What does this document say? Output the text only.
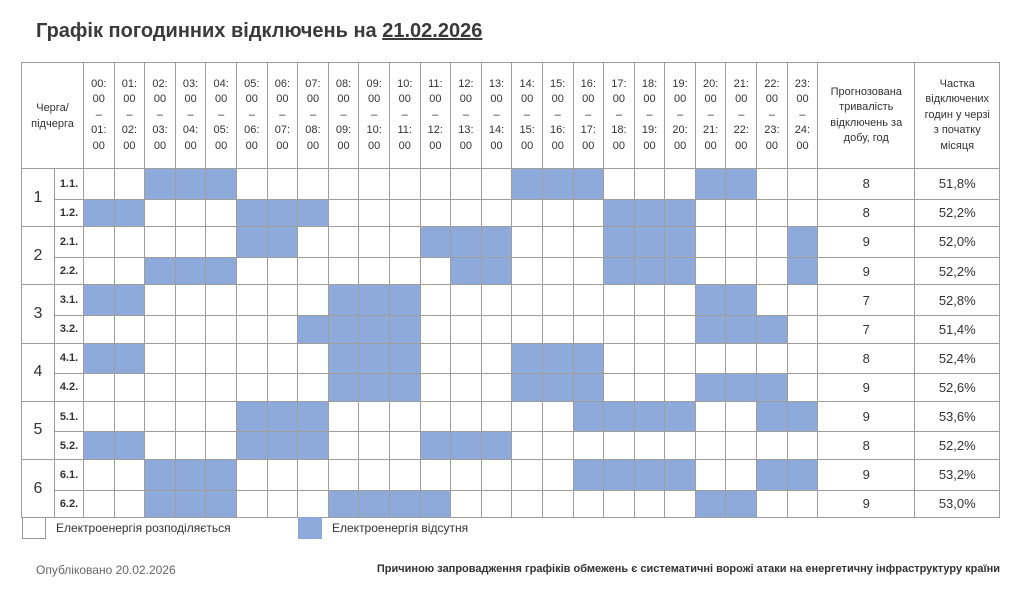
Графік погодинних відключень на 21.02.2026
Черга/
підчерга		00:
00
–
01:
00	01:
00
–
02:
00	02:
00
–
03:
00	03:
00
–
04:
00	04:
00
–
05:
00	05:
00
–
06:
00	06:
00
–
07:
00	07:
00
–
08:
00	08:
00
–
09:
00	09:
00
–
10:
00	10:
00
–
11:
00	11:
00
–
12:
00	12:
00
–
13:
00	13:
00
–
14:
00	14:
00
–
15:
00	15:
00
–
16:
00	16:
00
–
17:
00	17:
00
–
18:
00	18:
00
–
19:
00	19:
00
–
20:
00	20:
00
–
21:
00	21:
00
–
22:
00	22:
00
–
23:
00	23:
00
–
24:
00	Прогнозована
тривалість
відключень за
добу, год	Частка
відключених
годин у черзі
з початку
місяця

1	1.1.																									8	51,8%
	1.2.																									8	52,2%
2	2.1.																									9	52,0%
	2.2.																									9	52,2%
3	3.1.																									7	52,8%
	3.2.																									7	51,4%
4	4.1.																									8	52,4%
	4.2.																									9	52,6%
5	5.1.																									9	53,6%
	5.2.																									8	52,2%
6	6.1.																									9	53,2%
	6.2.																									9	53,0%
Електроенергія розподіляється	Електроенергія відсутня
Опубліковано 20.02.2026	Причиною запровадження графіків обмежень є систематичні ворожі атаки на енергетичну інфраструктуру країни
